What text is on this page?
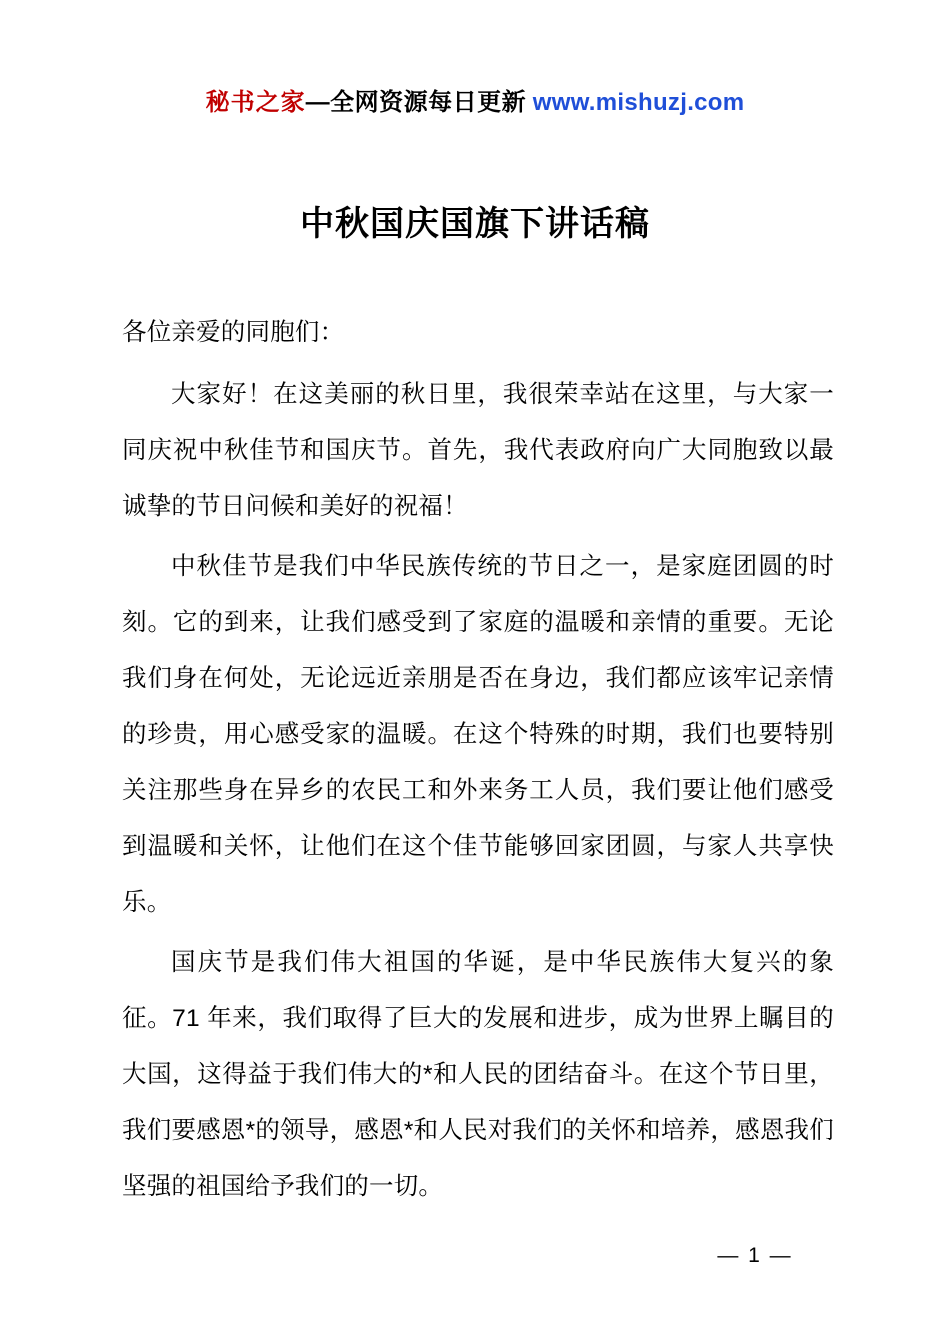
秘书之家—全网资源每日更新 www.mishuzj.com
中秋国庆国旗下讲话稿

各位亲爱的同胞们：

大家好！在这美丽的秋日里，我很荣幸站在这里，与大家一同庆祝中秋佳节和国庆节。首先，我代表政府向广大同胞致以最诚挚的节日问候和美好的祝福！

中秋佳节是我们中华民族传统的节日之一，是家庭团圆的时刻。它的到来，让我们感受到了家庭的温暖和亲情的重要。无论我们身在何处，无论远近亲朋是否在身边，我们都应该牢记亲情的珍贵，用心感受家的温暖。在这个特殊的时期，我们也要特别关注那些身在异乡的农民工和外来务工人员，我们要让他们感受到温暖和关怀，让他们在这个佳节能够回家团圆，与家人共享快乐。

国庆节是我们伟大祖国的华诞，是中华民族伟大复兴的象征。71 年来，我们取得了巨大的发展和进步，成为世界上瞩目的大国，这得益于我们伟大的*和人民的团结奋斗。在这个节日里，我们要感恩*的领导，感恩*和人民对我们的关怀和培养，感恩我们坚强的祖国给予我们的一切。

— 1 —
